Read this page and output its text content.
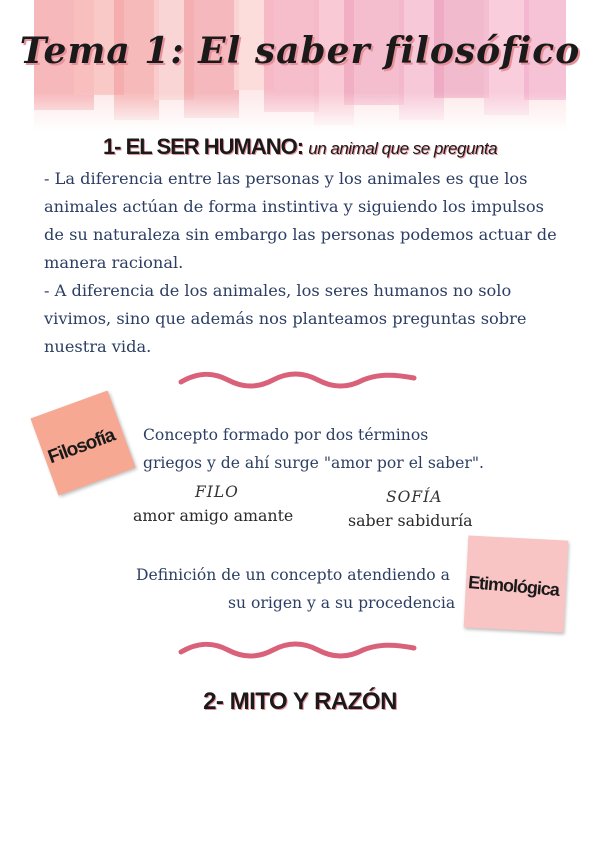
Tema 1: El saber filosófico
1- EL SER HUMANO: un animal que se pregunta

- La diferencia entre las personas y los animales es que los animales actúan de forma instintiva y siguiendo los impulsos de su naturaleza sin embargo las personas podemos actuar de manera racional.

- A diferencia de los animales, los seres humanos no solo vivimos, sino que además nos planteamos preguntas sobre nuestra vida.

Filosofía Concepto formado por dos términos
griegos y de ahí surge "amor por el saber".
FILO
amor amigo amante
SOFÍA
saber sabiduría
Definición de un concepto atendiendo a
su origen y a su procedencia
Etimológica
2- MITO Y RAZÓN
